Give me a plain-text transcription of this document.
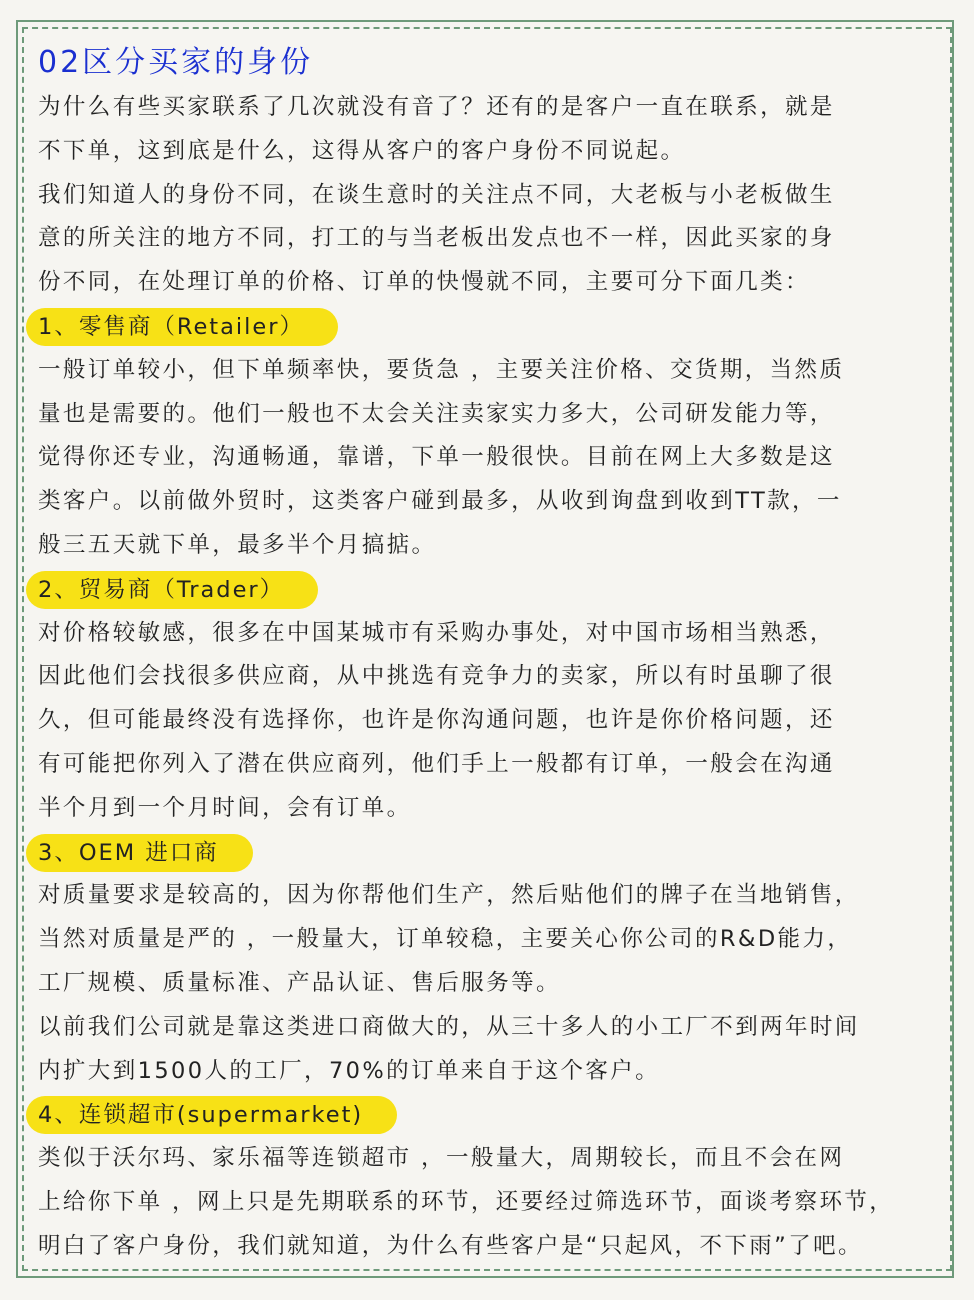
02区分买家的身份

为什么有些买家联系了几次就没有音了？还有的是客户一直在联系，就是
不下单，这到底是什么，这得从客户的客户身份不同说起。
我们知道人的身份不同，在谈生意时的关注点不同，大老板与小老板做生
意的所关注的地方不同，打工的与当老板出发点也不一样，因此买家的身
份不同，在处理订单的价格、订单的快慢就不同，主要可分下面几类：

1、零售商（Retailer）

一般订单较小，但下单频率快，要货急 ，主要关注价格、交货期，当然质
量也是需要的。他们一般也不太会关注卖家实力多大，公司研发能力等，
觉得你还专业，沟通畅通，靠谱，下单一般很快。目前在网上大多数是这
类客户。以前做外贸时，这类客户碰到最多，从收到询盘到收到TT款，一
般三五天就下单，最多半个月搞掂。

2、贸易商（Trader）

对价格较敏感，很多在中国某城市有采购办事处，对中国市场相当熟悉，
因此他们会找很多供应商，从中挑选有竞争力的卖家，所以有时虽聊了很
久，但可能最终没有选择你，也许是你沟通问题，也许是你价格问题，还
有可能把你列入了潜在供应商列，他们手上一般都有订单，一般会在沟通
半个月到一个月时间，会有订单。

3、OEM 进口商

对质量要求是较高的，因为你帮他们生产，然后贴他们的牌子在当地销售，
当然对质量是严的 ，一般量大，订单较稳，主要关心你公司的R&D能力，
工厂规模、质量标准、产品认证、售后服务等。
以前我们公司就是靠这类进口商做大的，从三十多人的小工厂不到两年时间
内扩大到1500人的工厂，70%的订单来自于这个客户。

4、连锁超市(supermarket)

类似于沃尔玛、家乐福等连锁超市 ，一般量大，周期较长，而且不会在网
上给你下单 ，网上只是先期联系的环节，还要经过筛选环节，面谈考察环节，
明白了客户身份，我们就知道，为什么有些客户是“只起风，不下雨”了吧。
